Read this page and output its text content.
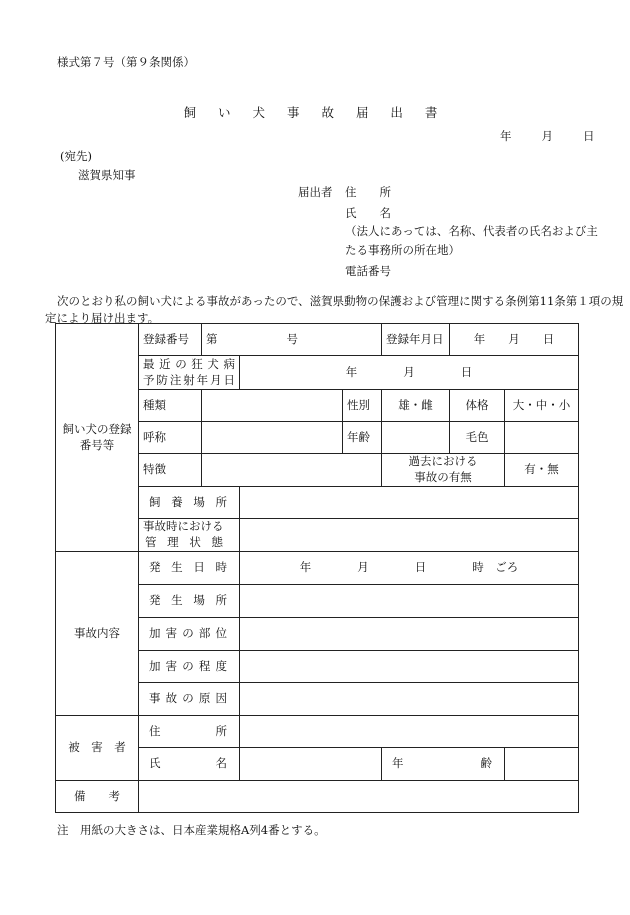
様式第７号（第９条関係）
飼 い 犬 事 故 届 出 書
年	月	日
(宛先)
滋賀県知事
届出者 住　　所
氏　　名
（法人にあっては、名称、代表者の氏名および主
たる事務所の所在地）
電話番号
次のとおり私の飼い犬による事故があったので、滋賀県動物の保護および管理に関する条例第11条第１項の規
定により届け出ます。
飼い犬の登録番号等	登録番号	第　　　　　　号			登録年月日	年　　月　　日	

	最近の狂犬病
予防注射年月日		年　　　　月　　　　日				
	種類			性別	雄・雌	体格	大・中・小
	呼称			年齢		毛色	
	特徴				過去における
事故の有無		有・無
	飼養場所						

	事故時における
管理状態						

事故内容	発生日時		年　　　　月　　　　日　　　　時　ごろ				
	発生場所						
	加害の部位						
	加害の程度						
	事故の原因						
被　害　者	住　　所						
	氏　　名				年　　齢		
備　　考							
注　用紙の大きさは、日本産業規格A列4番とする。
